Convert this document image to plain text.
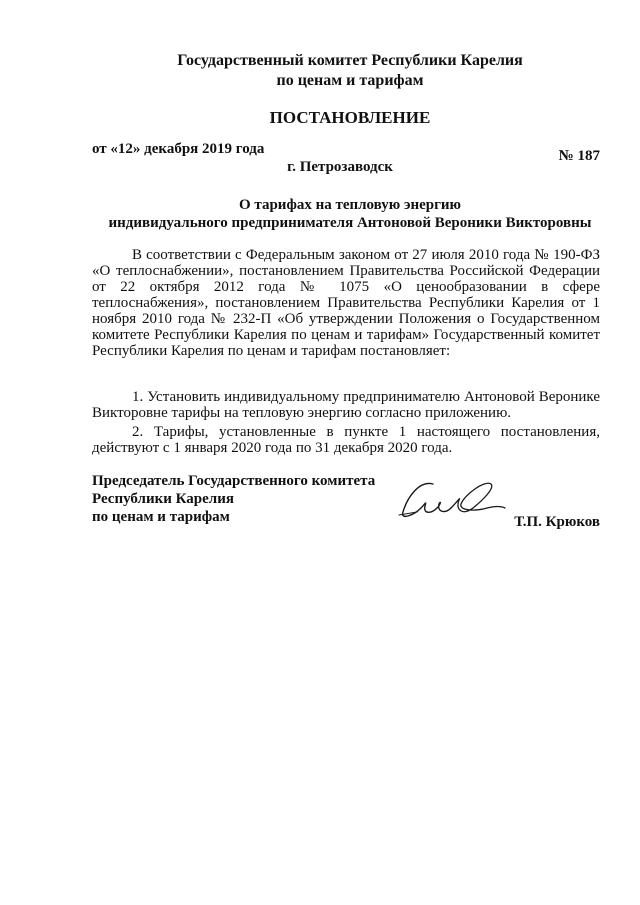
Государственный комитет Республики Карелия
по ценам и тарифам
ПОСТАНОВЛЕНИЕ
от «12» декабря 2019 года	№ 187
г. Петрозаводск
О тарифах на тепловую энергию
индивидуального предпринимателя Антоновой Вероники Викторовны
В соответствии с Федеральным законом от 27 июля 2010 года № 190-ФЗ «О теплоснабжении», постановлением Правительства Российской Федерации от 22 октября 2012 года № 1075 «О ценообразовании в сфере теплоснабжения», постановлением Правительства Республики Карелия от 1 ноября 2010 года № 232-П «Об утверждении Положения о Государственном комитете Республики Карелия по ценам и тарифам» Государственный комитет Республики Карелия по ценам и тарифам постановляет:
1. Установить индивидуальному предпринимателю Антоновой Веронике Викторовне тарифы на тепловую энергию согласно приложению.
2. Тарифы, установленные в пункте 1 настоящего постановления, действуют с 1 января 2020 года по 31 декабря 2020 года.
Председатель Государственного комитета
Республики Карелия
по ценам и тарифам	Т.П. Крюков
